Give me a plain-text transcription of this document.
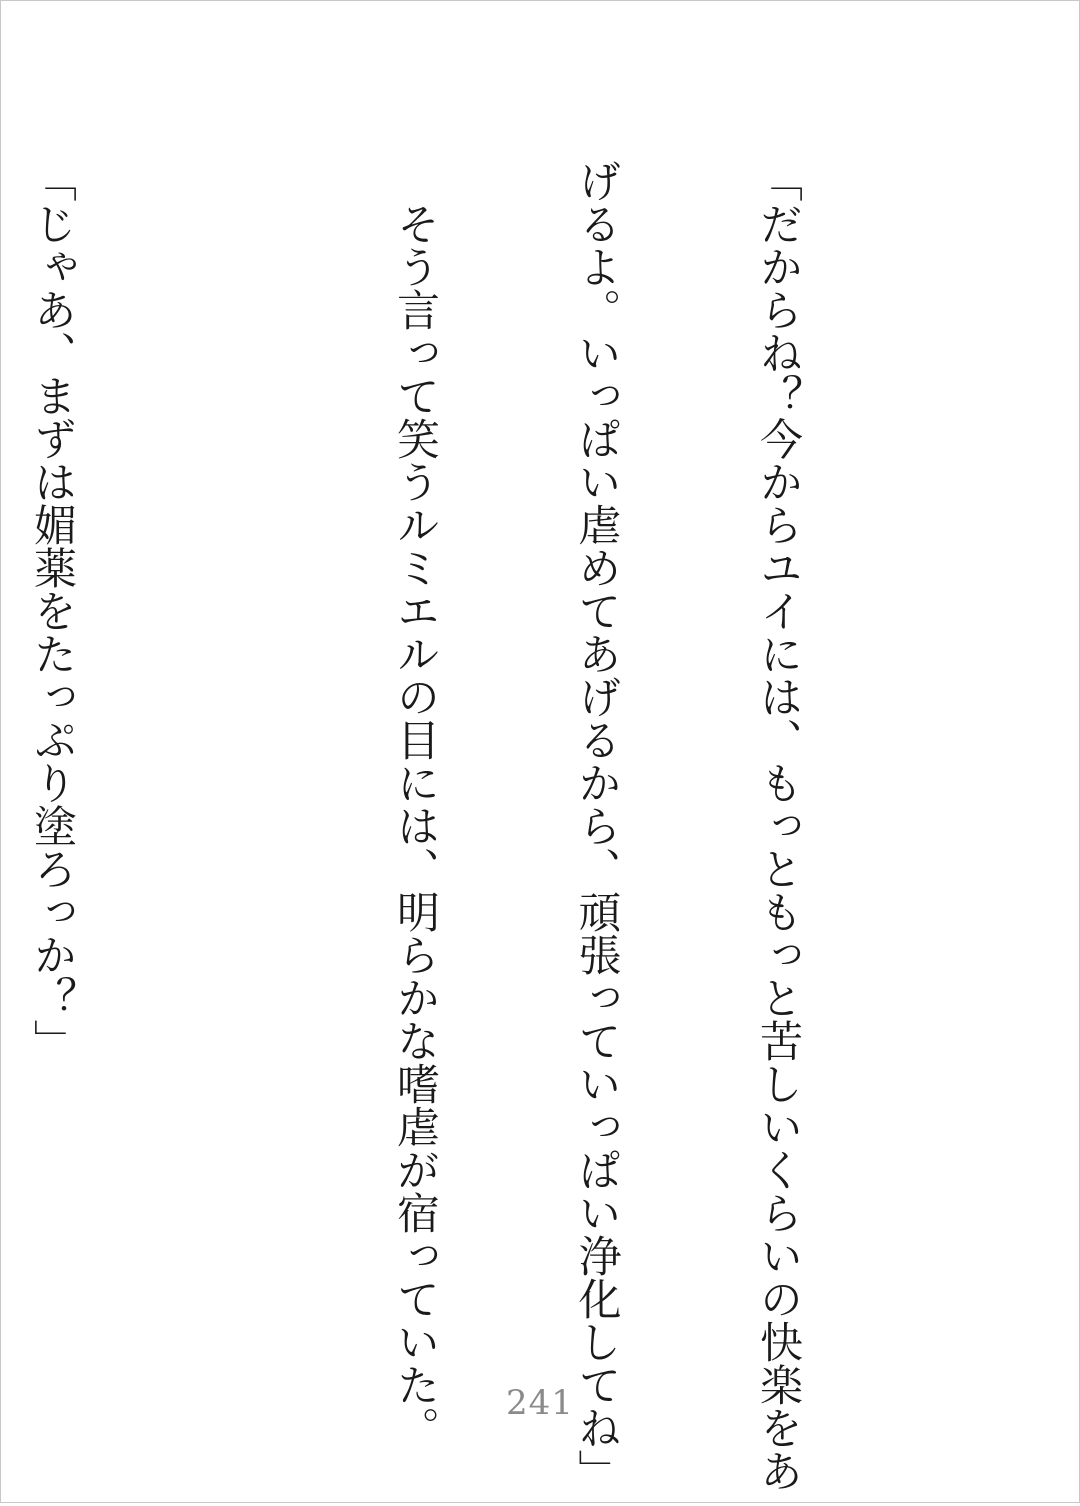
「だからね？今からユイには、もっともっと苦しいくらいの快楽をあ

げるよ。いっぱい虐めてあげるから、頑張っていっぱい浄化してね」

　そう言って笑うルミエルの目には、明らかな嗜虐が宿っていた。

「じゃあ、まずは媚薬をたっぷり塗ろっか？」

241
